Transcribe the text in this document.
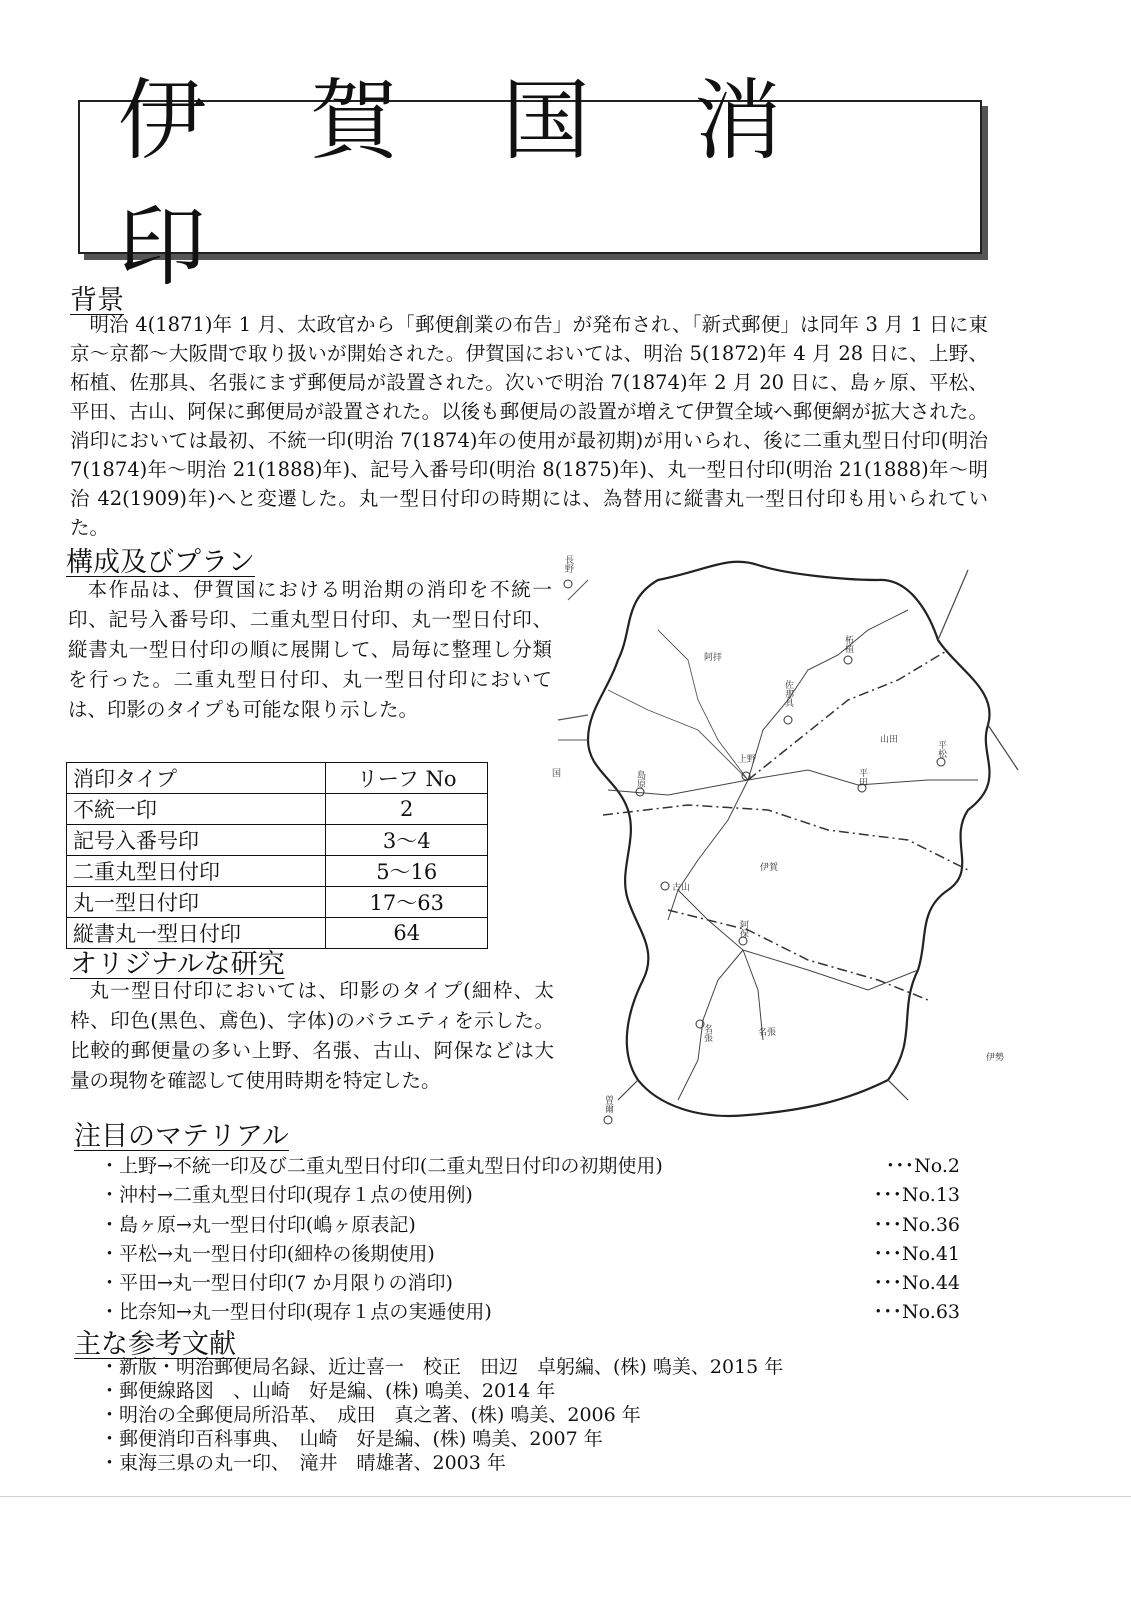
伊 賀 国 消 印
背景

明治 4(1871)年 1 月、太政官から「郵便創業の布告」が発布され、「新式郵便」は同年 3 月 1 日に東京～京都～大阪間で取り扱いが開始された。伊賀国においては、明治 5(1872)年 4 月 28 日に、上野、柘植、佐那具、名張にまず郵便局が設置された。次いで明治 7(1874)年 2 月 20 日に、島ヶ原、平松、平田、古山、阿保に郵便局が設置された。以後も郵便局の設置が増えて伊賀全域へ郵便網が拡大された。消印においては最初、不統一印(明治 7(1874)年の使用が最初期)が用いられ、後に二重丸型日付印(明治 7(1874)年～明治 21(1888)年)、記号入番号印(明治 8(1875)年)、丸一型日付印(明治 21(1888)年～明治 42(1909)年)へと変遷した。丸一型日付印の時期には、為替用に縦書丸一型日付印も用いられていた。

構成及びプラン

本作品は、伊賀国における明治期の消印を不統一印、記号入番号印、二重丸型日付印、丸一型日付印、縦書丸一型日付印の順に展開して、局毎に整理し分類を行った。二重丸型日付印、丸一型日付印においては、印影のタイプも可能な限り示した。

消印タイプ	リーフ No
不統一印	2
記号入番号印	3～4
二重丸型日付印	5～16
丸一型日付印	17～63
縦書丸一型日付印	64
オリジナルな研究

丸一型日付印においては、印影のタイプ(細枠、太枠、印色(黒色、鳶色)、字体)のバラエティを示した。比較的郵便量の多い上野、名張、古山、阿保などは大量の現物を確認して使用時期を特定した。

注目のマテリアル
・上野→不統一印及び二重丸型日付印(二重丸型日付印の初期使用)	･･･No.2
・沖村→二重丸型日付印(現存１点の使用例)	･･･No.13
・島ヶ原→丸一型日付印(嶋ヶ原表記)	･･･No.36
・平松→丸一型日付印(細枠の後期使用)	･･･No.41
・平田→丸一型日付印(7 か月限りの消印)	･･･No.44
・比奈知→丸一型日付印(現存１点の実逓使用)	･･･No.63
主な参考文献
・新版・明治郵便局名録、近辻喜一　校正　田辺　卓躬編、(株) 鳴美、2015 年
・郵便線路図　、山崎　好是編、(株) 鳴美、2014 年
・明治の全郵便局所沿革、　成田　真之著、(株) 鳴美、2006 年
・郵便消印百科事典、　山崎　好是編、(株) 鳴美、2007 年
・東海三県の丸一印、　滝井　晴雄著、2003 年
阿拝
山田
伊賀
名張
伊勢
長野
柘植
佐那具
上野
島原
平松
平田
古山
阿保
名張
曽爾
国
